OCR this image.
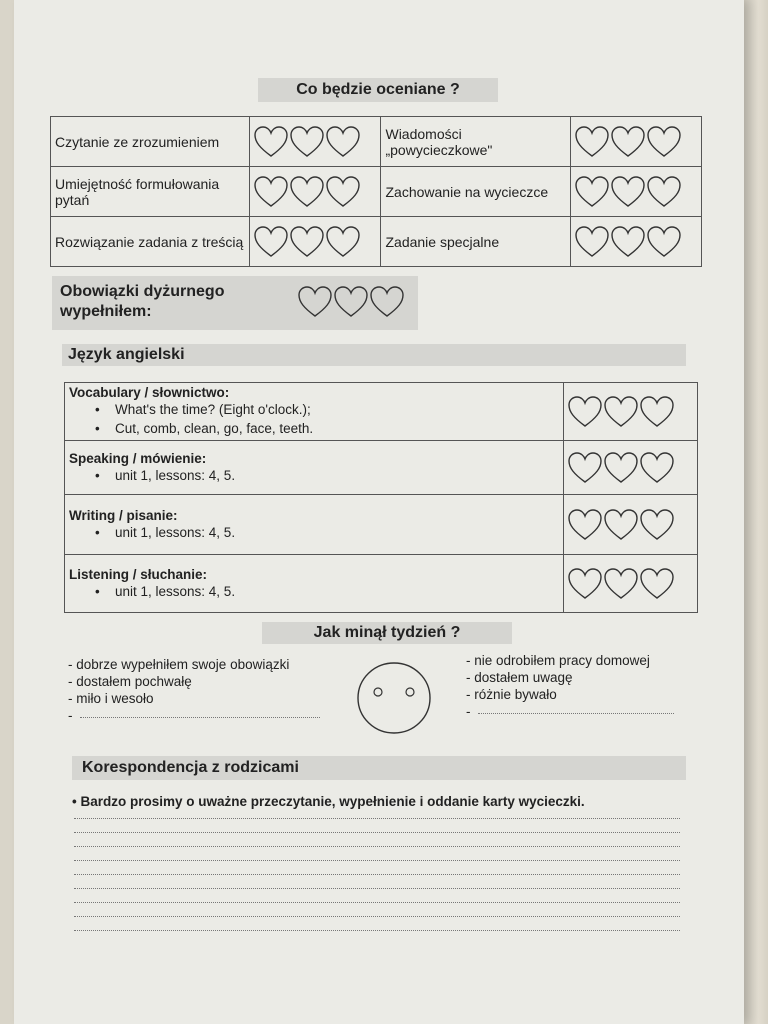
Co będzie oceniane ?
Czytanie ze zrozumieniem		Wiadomości „powycieczkowe"	

Umiejętność formułowania pytań		Zachowanie na wycieczce	

Rozwiązanie zadania z treścią		Zadanie specjalne	
Obowiązki dyżurnego wypełniłem:
Język angielski
Vocabulary / słownictwo:
• What's the time? (Eight o'clock.);
• Cut, comb, clean, go, face, teeth.

Speaking / mówienie:
• unit 1, lessons: 4, 5.

Writing / pisanie:
• unit 1, lessons: 4, 5.

Listening / słuchanie:
• unit 1, lessons: 4, 5.

Jak minął tydzień ?
- dobrze wypełniłem swoje obowiązki
- dostałem pochwałę
- miło i wesoło
-
- nie odrobiłem pracy domowej
- dostałem uwagę
- różnie bywało
-
Korespondencja z rodzicami
• Bardzo prosimy o uważne przeczytanie, wypełnienie i oddanie karty wycieczki.
